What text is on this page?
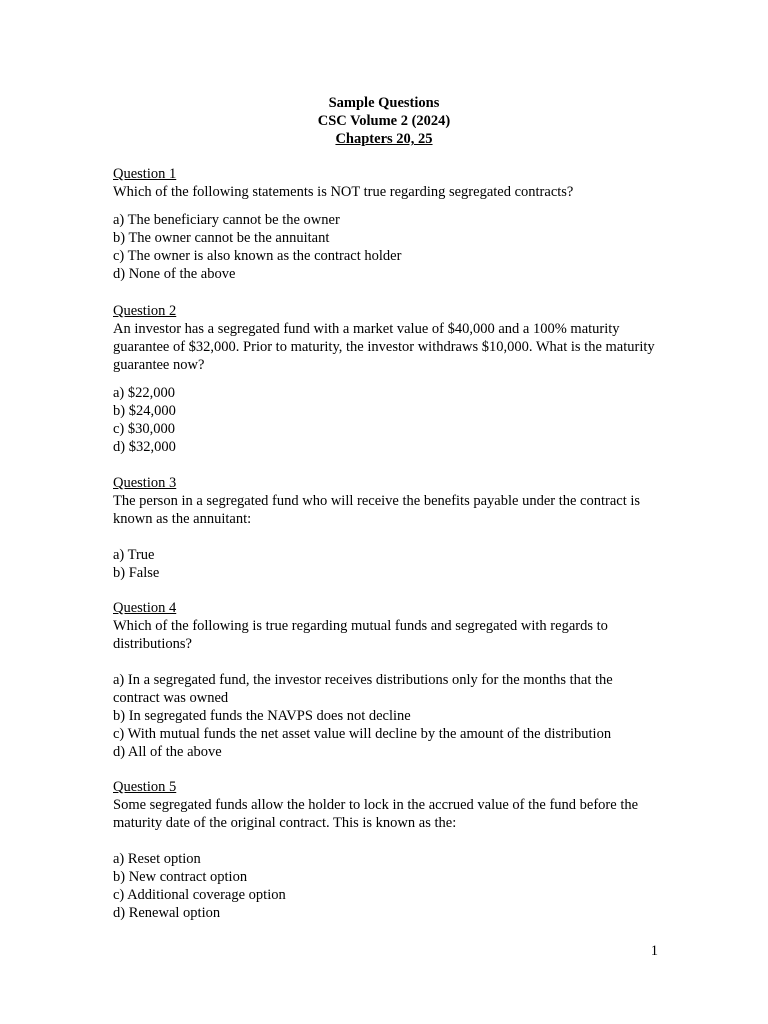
Sample Questions
CSC Volume 2 (2024)
Chapters 20, 25
Question 1
Which of the following statements is NOT true regarding segregated contracts?
a) The beneficiary cannot be the owner
b) The owner cannot be the annuitant
c) The owner is also known as the contract holder
d) None of the above
Question 2
An investor has a segregated fund with a market value of $40,000 and a 100% maturity guarantee of $32,000. Prior to maturity, the investor withdraws $10,000. What is the maturity guarantee now?
a) $22,000
b) $24,000
c) $30,000
d) $32,000
Question 3
The person in a segregated fund who will receive the benefits payable under the contract is known as the annuitant:
a) True
b) False
Question 4
Which of the following is true regarding mutual funds and segregated with regards to distributions?
a) In a segregated fund, the investor receives distributions only for the months that the contract was owned
b) In segregated funds the NAVPS does not decline
c) With mutual funds the net asset value will decline by the amount of the distribution
d) All of the above
Question 5
Some segregated funds allow the holder to lock in the accrued value of the fund before the maturity date of the original contract. This is known as the:
a) Reset option
b) New contract option
c) Additional coverage option
d) Renewal option
1
